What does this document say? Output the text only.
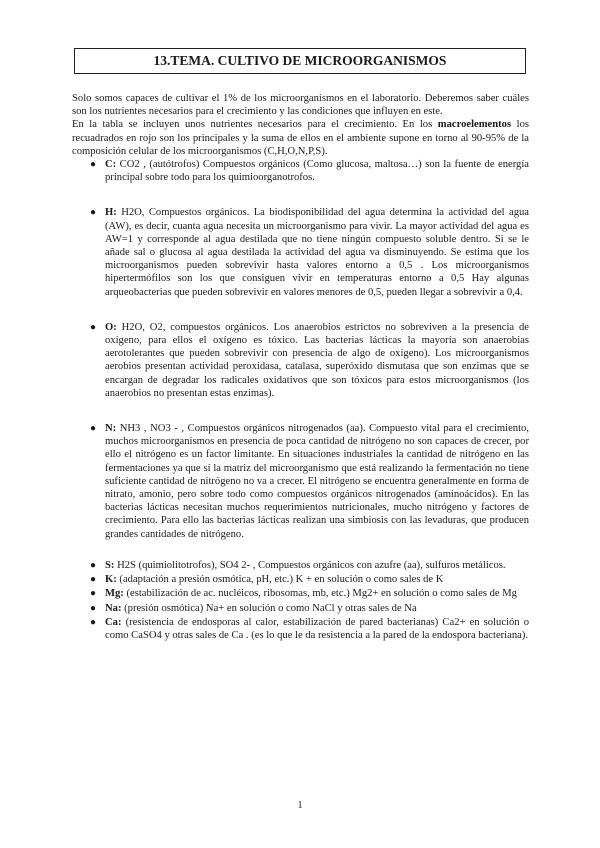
13.TEMA. CULTIVO DE MICROORGANISMOS

Solo somos capaces de cultivar el 1% de los microorganismos en el laboratorio. Deberemos saber cuáles son los nutrientes necesarios para el crecimiento y las condiciones que influyen en este.

En la tabla se incluyen unos nutrientes necesarios para el crecimiento. En los macroelementos los recuadrados en rojo son los principales y la suma de ellos en el ambiente supone en torno al 90-95% de la composición celular de los microorganismos (C,H,O,N,P,S).

● C: CO2 , (autótrofos) Compuestos orgánicos (Como glucosa, maltosa…) son la fuente de energía principal sobre todo para los quimioorganotrofos.
● H: H2O, Compuestos orgánicos. La biodisponibilidad del agua determina la actividad del agua (AW), es decir, cuanta agua necesita un microorganismo para vivir. La mayor actividad del agua es AW=1 y corresponde al agua destilada que no tiene ningún compuesto soluble dentro. Si se le añade sal o glucosa al agua destilada la actividad del agua va disminuyendo. Se estima que los microorganismos pueden sobrevivir hasta valores entorno a 0,5 . Los microorganismos hipertermófilos son los que consiguen vivir en temperaturas entorno a 0,5 Hay algunas arqueobacterias que pueden sobrevivir en valores menores de 0,5, pueden llegar a sobrevivir a 0,4.
● O: H2O, O2, compuestos orgánicos. Los anaerobios estrictos no sobreviven a la presencia de oxígeno, para ellos el oxígeno es tóxico. Las bacterias lácticas la mayoría son anaerobias aerotolerantes que pueden sobrevivir con presencia de algo de oxígeno). Los microorganismos aerobios presentan actividad peroxidasa, catalasa, superóxido dismutasa que son enzimas que se encargan de degradar los radicales oxidativos que son tóxicos para estos microorganismos (los anaerobios no presentan estas enzimas).
● N: NH3 , NO3 - , Compuestos orgánicos nitrogenados (aa). Compuesto vital para el crecimiento, muchos microorganismos en presencia de poca cantidad de nitrógeno no son capaces de crecer, por ello el nitrógeno es un factor limitante. En situaciones industriales la cantidad de nitrógeno en las fermentaciones ya que sí la matriz del microorganismo que está realizando la fermentación no tiene suficiente cantidad de nitrógeno no va a crecer. El nitrógeno se encuentra generalmente en forma de nitrato, amonio, pero sobre todo como compuestos orgánicos nitrogenados (aminoácidos). En las bacterias lácticas necesitan muchos requerimientos nutricionales, mucho nitrógeno y factores de crecimiento. Para ello las bacterias lácticas realizan una simbiosis con las levaduras, que producen grandes cantidades de nitrógeno.
● S: H2S (quimiolitotrofos), SO4 2- , Compuestos orgánicos con azufre (aa), sulfuros metálicos.
● K: (adaptación a presión osmótica, pH, etc.) K + en solución o como sales de K
● Mg: (estabilización de ac. nucléicos, ribosomas, mb, etc.) Mg2+ en solución o como sales de Mg
● Na: (presión osmótica) Na+ en solución o como NaCl y otras sales de Na
● Ca: (resistencia de endosporas al calor, estabilización de pared bacterianas) Ca2+ en solución o como CaSO4 y otras sales de Ca . (es lo que le da resistencia a la pared de la endospora bacteriana).
1
